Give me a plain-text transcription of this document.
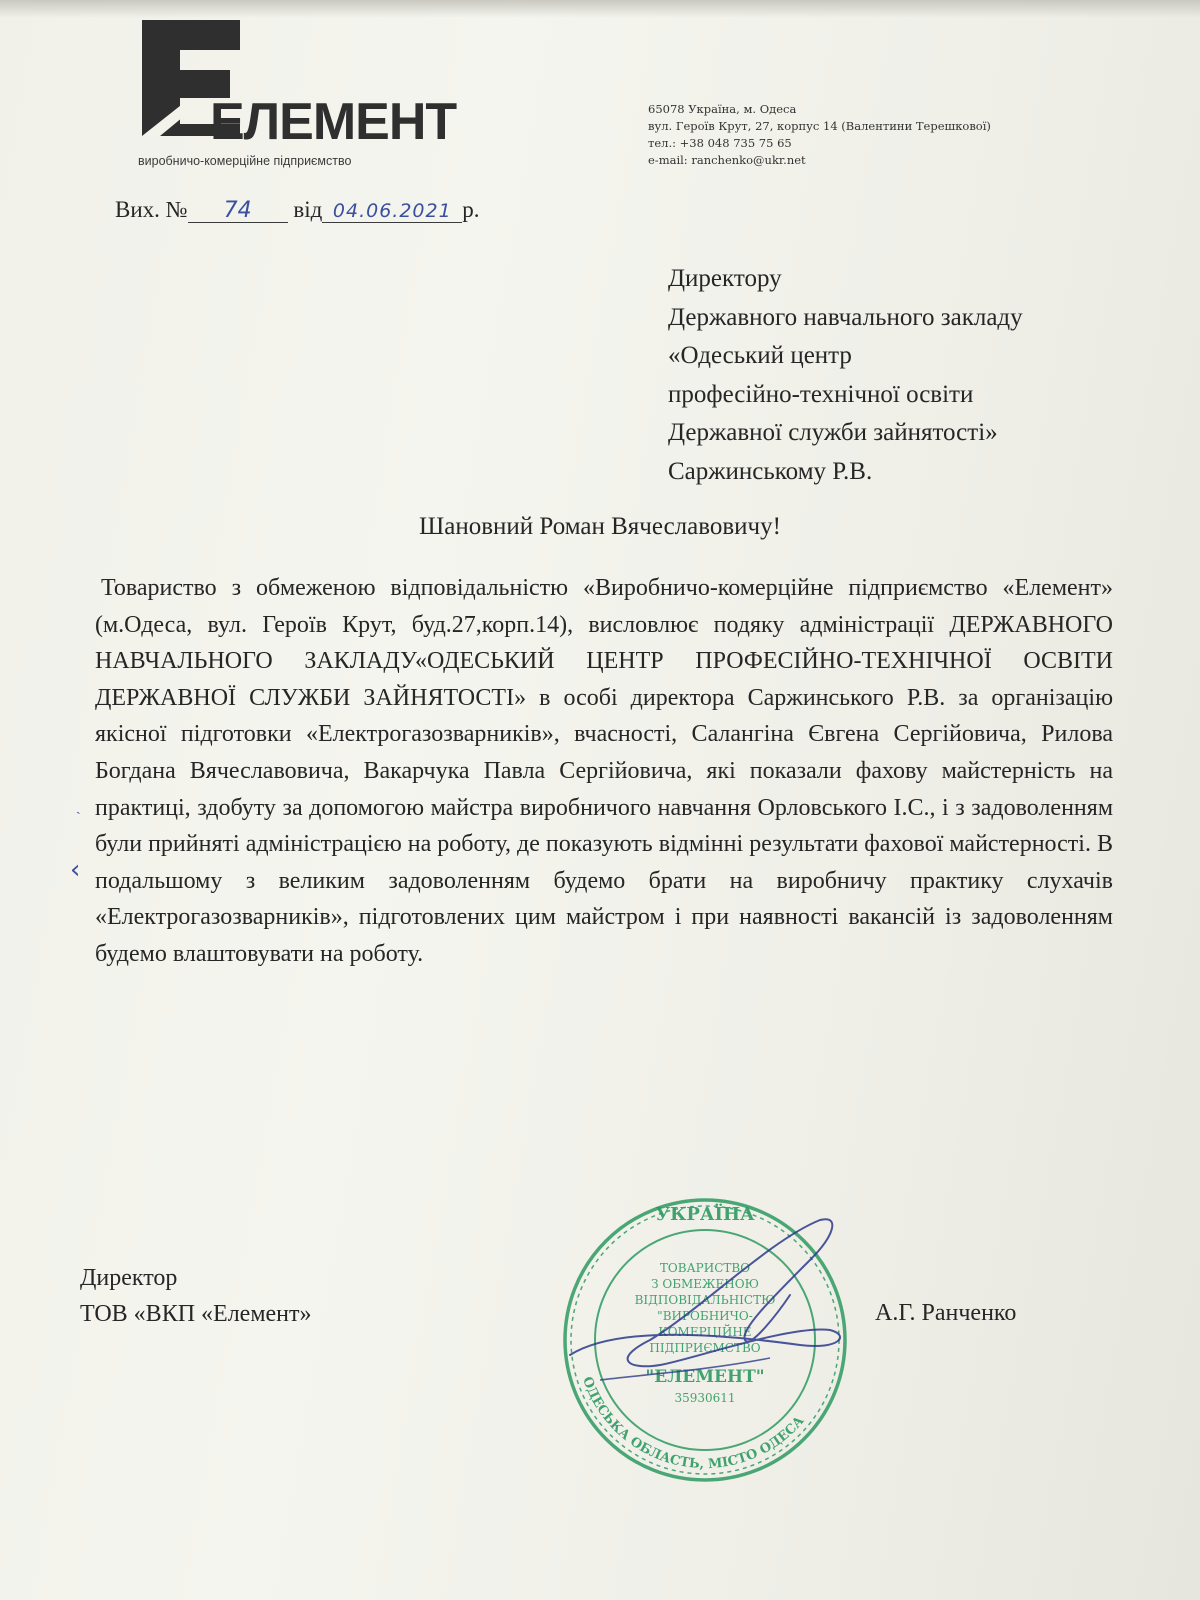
ЕЛЕМЕНТ
виробничо-комерційне підприємство
65078 Україна, м. Одеса
вул. Героїв Крут, 27, корпус 14 (Валентини Терешкової)
тел.: +38 048 735 75 65
e-mail: ranchenko@ukr.net
Вих. № 74 від 04.06.2021 р.
Директору
Державного навчального закладу
«Одеський центр
професійно-технічної освіти
Державної служби зайнятості»
Саржинському Р.В.
Шановний Роман Вячеславовичу!
ˏ
‹
Товариство з обмеженою відповідальністю «Виробничо-комерційне підприємство «Елемент» (м.Одеса, вул. Героїв Крут, буд.27,корп.14), висловлює подяку адміністрації ДЕРЖАВНОГО НАВЧАЛЬНОГО ЗАКЛАДУ«ОДЕСЬКИЙ ЦЕНТР ПРОФЕСІЙНО-ТЕХНІЧНОЇ ОСВІТИ ДЕРЖАВНОЇ СЛУЖБИ ЗАЙНЯТОСТІ» в особі директора Саржинського Р.В. за організацію якісної підготовки «Електрогазозварників», вчасності, Салангіна Євгена Сергійовича, Рилова Богдана Вячеславовича, Вакарчука Павла Сергійовича, які показали фахову майстерність на практиці, здобуту за допомогою майстра виробничого навчання Орловського І.С., і з задоволенням були прийняті адміністрацією на роботу, де показують відмінні результати фахової майстерності. В подальшому з великим задоволенням будемо брати на виробничу практику слухачів «Електрогазозварників», підготовлених цим майстром і при наявності вакансій із задоволенням будемо влаштовувати на роботу.
Директор
ТОВ «ВКП «Елемент»
ОДЕСЬКА ОБЛАСТЬ, МІСТО ОДЕСА
УКРАЇНА
ТОВАРИСТВО
З ОБМЕЖЕНОЮ
ВІДПОВІДАЛЬНІСТЮ
"ВИРОБНИЧО-
КОМЕРЦІЙНЕ
ПІДПРИЄМСТВО
"ЕЛЕМЕНТ"
35930611
А.Г. Ранченко
